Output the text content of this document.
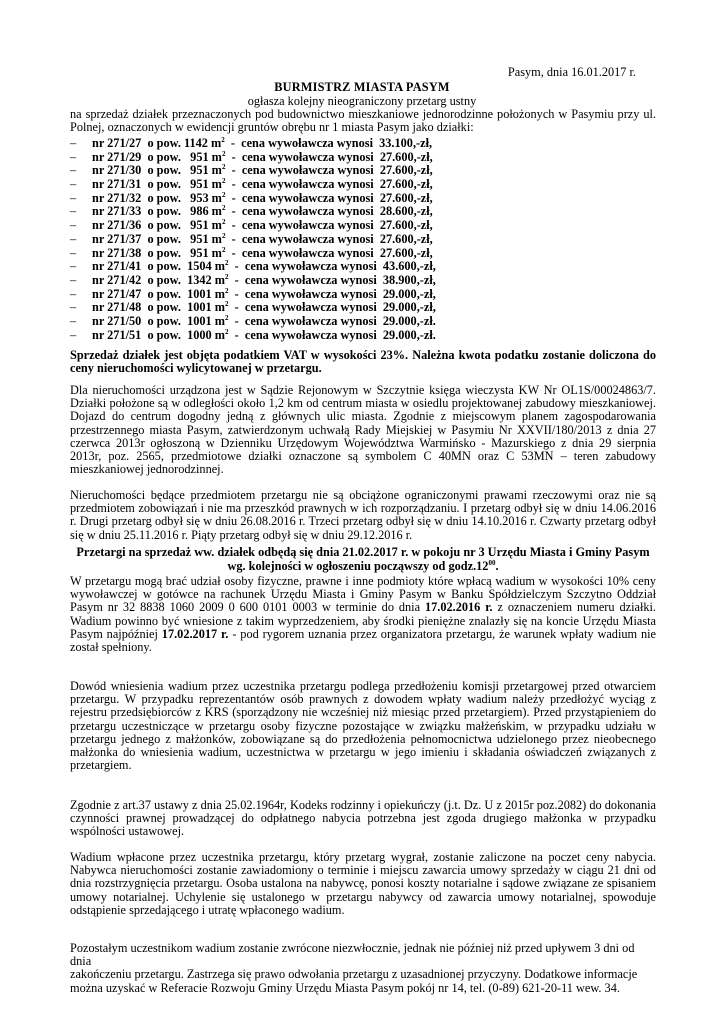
Pasym, dnia 16.01.2017 r.
BURMISTRZ MIASTA PASYM
ogłasza kolejny nieograniczony przetarg ustny
na sprzedaż działek przeznaczonych pod budownictwo mieszkaniowe jednorodzinne położonych w Pasymiu przy ul. Polnej, oznaczonych w ewidencji gruntów obrębu nr 1 miasta Pasym jako działki:
– nr 271/27  o pow. 1142 $m^2$  -  cena wywoławcza wynosi  33.100,-zł,
– nr 271/29  o pow.   951 $m^2$  -  cena wywoławcza wynosi  27.600,-zł,
– nr 271/30  o pow.   951 $m^2$  -  cena wywoławcza wynosi  27.600,-zł,
– nr 271/31  o pow.   951 $m^2$  -  cena wywoławcza wynosi  27.600,-zł,
– nr 271/32  o pow.   953 $m^2$  -  cena wywoławcza wynosi  27.600,-zł,
– nr 271/33  o pow.   986 $m^2$  -  cena wywoławcza wynosi  28.600,-zł,
– nr 271/36  o pow.   951 $m^2$  -  cena wywoławcza wynosi  27.600,-zł,
– nr 271/37  o pow.   951 $m^2$  -  cena wywoławcza wynosi  27.600,-zł,
– nr 271/38  o pow.   951 $m^2$  -  cena wywoławcza wynosi  27.600,-zł,
– nr 271/41  o pow.  1504 $m^2$  -  cena wywoławcza wynosi  43.600,-zł,
– nr 271/42  o pow.  1342 $m^2$  -  cena wywoławcza wynosi  38.900,-zł,
– nr 271/47  o pow.  1001 $m^2$  -  cena wywoławcza wynosi  29.000,-zł,
– nr 271/48  o pow.  1001 $m^2$  -  cena wywoławcza wynosi  29.000,-zł,
– nr 271/50  o pow.  1001 $m^2$  -  cena wywoławcza wynosi  29.000,-zł.
– nr 271/51  o pow.  1000 $m^2$  -  cena wywoławcza wynosi  29.000,-zł.
Sprzedaż działek jest objęta podatkiem VAT w wysokości 23%. Należna kwota podatku zostanie doliczona do ceny nieruchomości wylicytowanej w przetargu.
Dla nieruchomości urządzona jest w Sądzie Rejonowym w Szczytnie księga wieczysta KW Nr OL1S/00024863/7. Działki położone są w odległości około 1,2 km od centrum miasta w osiedlu projektowanej zabudowy mieszkaniowej. Dojazd do centrum dogodny jedną z głównych ulic miasta. Zgodnie z miejscowym planem zagospodarowania przestrzennego miasta Pasym, zatwierdzonym uchwałą Rady Miejskiej w Pasymiu Nr XXVII/180/2013 z dnia 27 czerwca 2013r ogłoszoną w Dzienniku Urzędowym Województwa Warmińsko - Mazurskiego z dnia 29 sierpnia 2013r, poz. 2565, przedmiotowe działki oznaczone są symbolem C 40MN oraz C 53MN – teren zabudowy mieszkaniowej jednorodzinnej.
Nieruchomości będące przedmiotem przetargu nie są obciążone ograniczonymi prawami rzeczowymi oraz nie są przedmiotem zobowiązań i nie ma przeszkód prawnych w ich rozporządzaniu. I przetarg odbył się w dniu 14.06.2016 r. Drugi przetarg odbył się w dniu 26.08.2016 r. Trzeci przetarg odbył się w dniu 14.10.2016 r. Czwarty przetarg odbył się w dniu 25.11.2016 r. Piąty przetarg odbył się w dniu 29.12.2016 r.
Przetargi na sprzedaż ww. działek odbędą się dnia 21.02.2017 r. w pokoju nr 3 Urzędu Miasta i Gminy Pasym
wg. kolejności w ogłoszeniu począwszy od $godz.12^{00}$.
W przetargu mogą brać udział osoby fizyczne, prawne i inne podmioty które wpłacą wadium w wysokości 10% ceny wywoławczej w gotówce na rachunek Urzędu Miasta i Gminy Pasym w Banku Spółdzielczym Szczytno Oddział Pasym nr 32 8838 1060 2009 0 600 0101 0003 w terminie do dnia 17.02.2016 r. z oznaczeniem numeru działki. Wadium powinno być wniesione z takim wyprzedzeniem, aby środki pieniężne znalazły się na koncie Urzędu Miasta Pasym najpóźniej 17.02.2017 r. - pod rygorem uznania przez organizatora przetargu, że warunek wpłaty wadium nie został spełniony.
Dowód wniesienia wadium przez uczestnika przetargu podlega przedłożeniu komisji przetargowej przed otwarciem przetargu. W przypadku reprezentantów osób prawnych z dowodem wpłaty wadium należy przedłożyć wyciąg z rejestru przedsiębiorców z KRS (sporządzony nie wcześniej niż miesiąc przed przetargiem). Przed przystąpieniem do przetargu uczestniczące w przetargu osoby fizyczne pozostające w związku małżeńskim, w przypadku udziału w przetargu jednego z małżonków, zobowiązane są do przedłożenia pełnomocnictwa udzielonego przez nieobecnego małżonka do wniesienia wadium, uczestnictwa w przetargu w jego imieniu i składania oświadczeń związanych z przetargiem.
Zgodnie z art.37 ustawy z dnia 25.02.1964r, Kodeks rodzinny i opiekuńczy (j.t. Dz. U z 2015r poz.2082) do dokonania czynności prawnej prowadzącej do odpłatnego nabycia potrzebna jest zgoda drugiego małżonka w przypadku wspólności ustawowej.
Wadium wpłacone przez uczestnika przetargu, który przetarg wygrał, zostanie zaliczone na poczet ceny nabycia. Nabywca nieruchomości zostanie zawiadomiony o terminie i miejscu zawarcia umowy sprzedaży w ciągu 21 dni od dnia rozstrzygnięcia przetargu. Osoba ustalona na nabywcę, ponosi koszty notarialne i sądowe związane ze spisaniem umowy notarialnej. Uchylenie się ustalonego w przetargu nabywcy od zawarcia umowy notarialnej, spowoduje odstąpienie sprzedającego i utratę wpłaconego wadium.
Pozostałym uczestnikom wadium zostanie zwrócone niezwłocznie, jednak nie później niż przed upływem 3 dni od dnia
zakończeniu przetargu. Zastrzega się prawo odwołania przetargu z uzasadnionej przyczyny. Dodatkowe informacje
można uzyskać w Referacie Rozwoju Gminy Urzędu Miasta Pasym pokój nr 14, tel. (0-89) 621-20-11 wew. 34.
